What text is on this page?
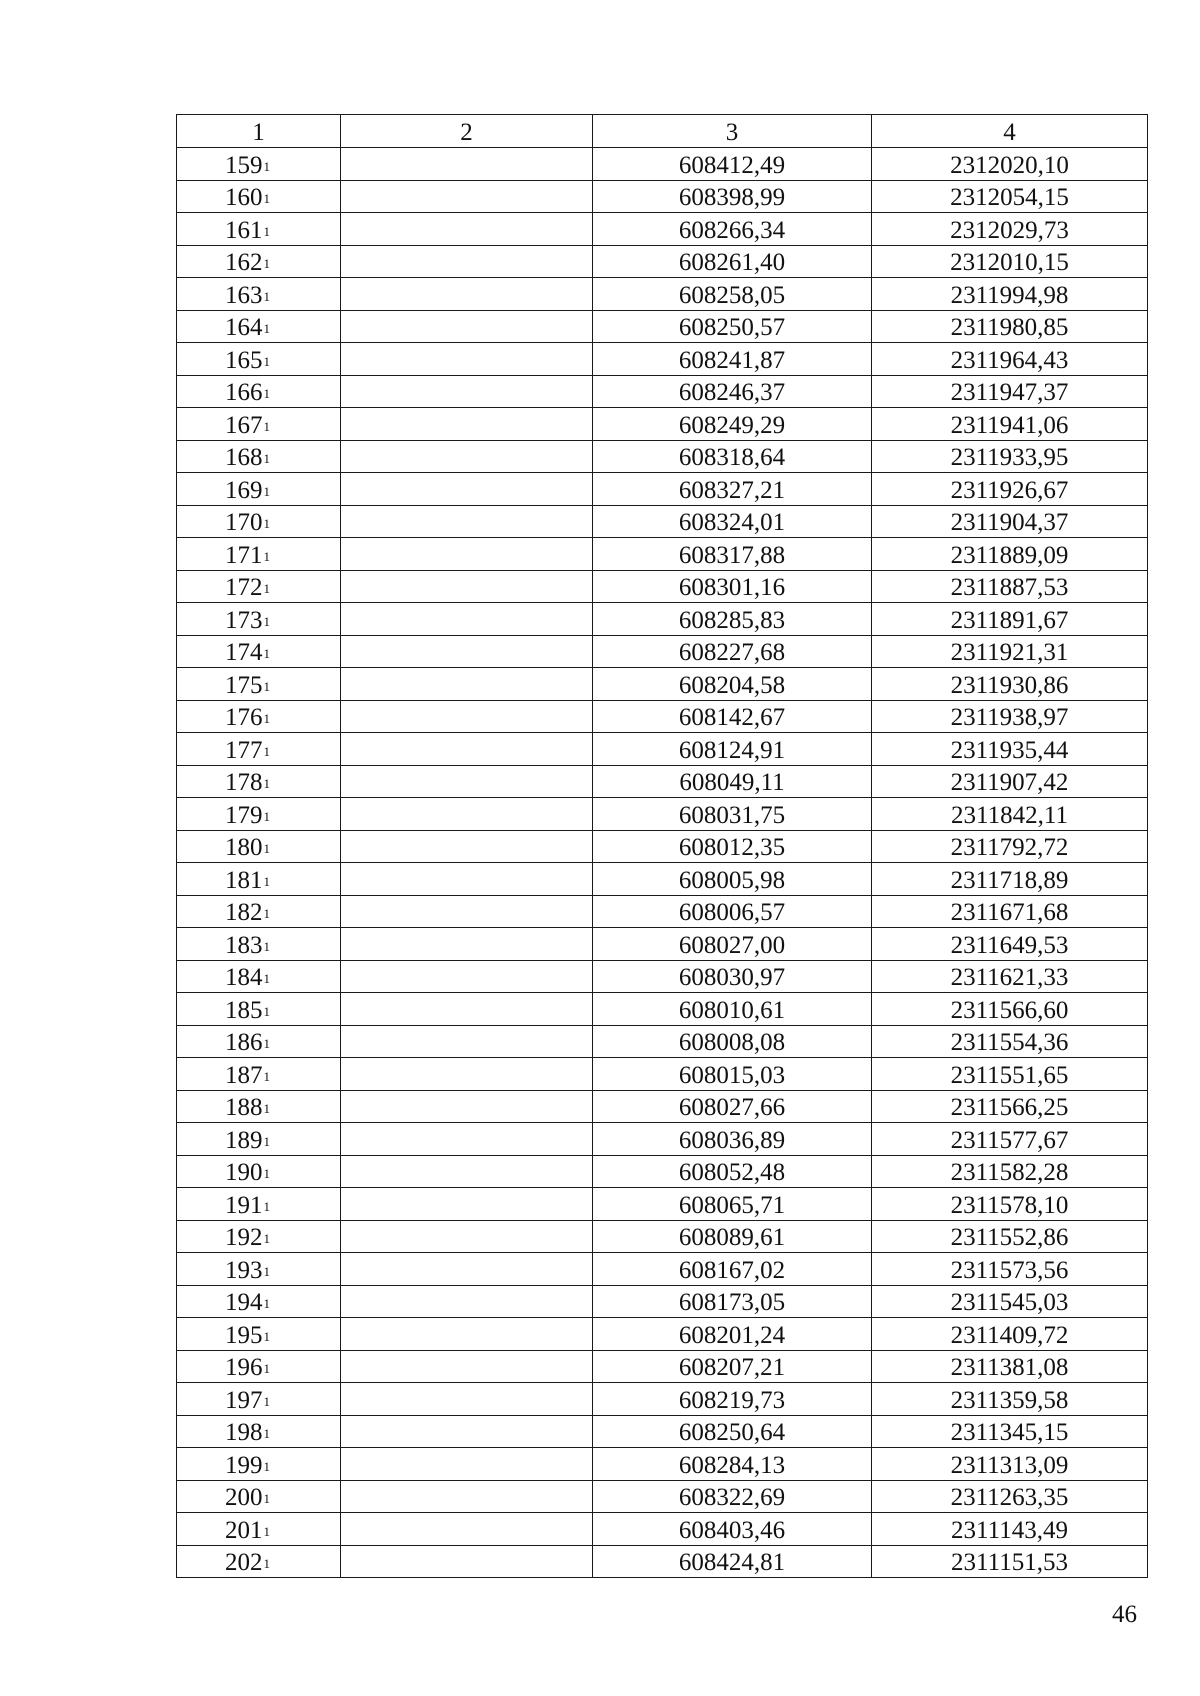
1	2	3	4
$159^1$		608412,49	2312020,10
$160^1$		608398,99	2312054,15
$161^1$		608266,34	2312029,73
$162^1$		608261,40	2312010,15
$163^1$		608258,05	2311994,98
$164^1$		608250,57	2311980,85
$165^1$		608241,87	2311964,43
$166^1$		608246,37	2311947,37
$167^1$		608249,29	2311941,06
$168^1$		608318,64	2311933,95
$169^1$		608327,21	2311926,67
$170^1$		608324,01	2311904,37
$171^1$		608317,88	2311889,09
$172^1$		608301,16	2311887,53
$173^1$		608285,83	2311891,67
$174^1$		608227,68	2311921,31
$175^1$		608204,58	2311930,86
$176^1$		608142,67	2311938,97
$177^1$		608124,91	2311935,44
$178^1$		608049,11	2311907,42
$179^1$		608031,75	2311842,11
$180^1$		608012,35	2311792,72
$181^1$		608005,98	2311718,89
$182^1$		608006,57	2311671,68
$183^1$		608027,00	2311649,53
$184^1$		608030,97	2311621,33
$185^1$		608010,61	2311566,60
$186^1$		608008,08	2311554,36
$187^1$		608015,03	2311551,65
$188^1$		608027,66	2311566,25
$189^1$		608036,89	2311577,67
$190^1$		608052,48	2311582,28
$191^1$		608065,71	2311578,10
$192^1$		608089,61	2311552,86
$193^1$		608167,02	2311573,56
$194^1$		608173,05	2311545,03
$195^1$		608201,24	2311409,72
$196^1$		608207,21	2311381,08
$197^1$		608219,73	2311359,58
$198^1$		608250,64	2311345,15
$199^1$		608284,13	2311313,09
$200^1$		608322,69	2311263,35
$201^1$		608403,46	2311143,49
$202^1$		608424,81	2311151,53
46
